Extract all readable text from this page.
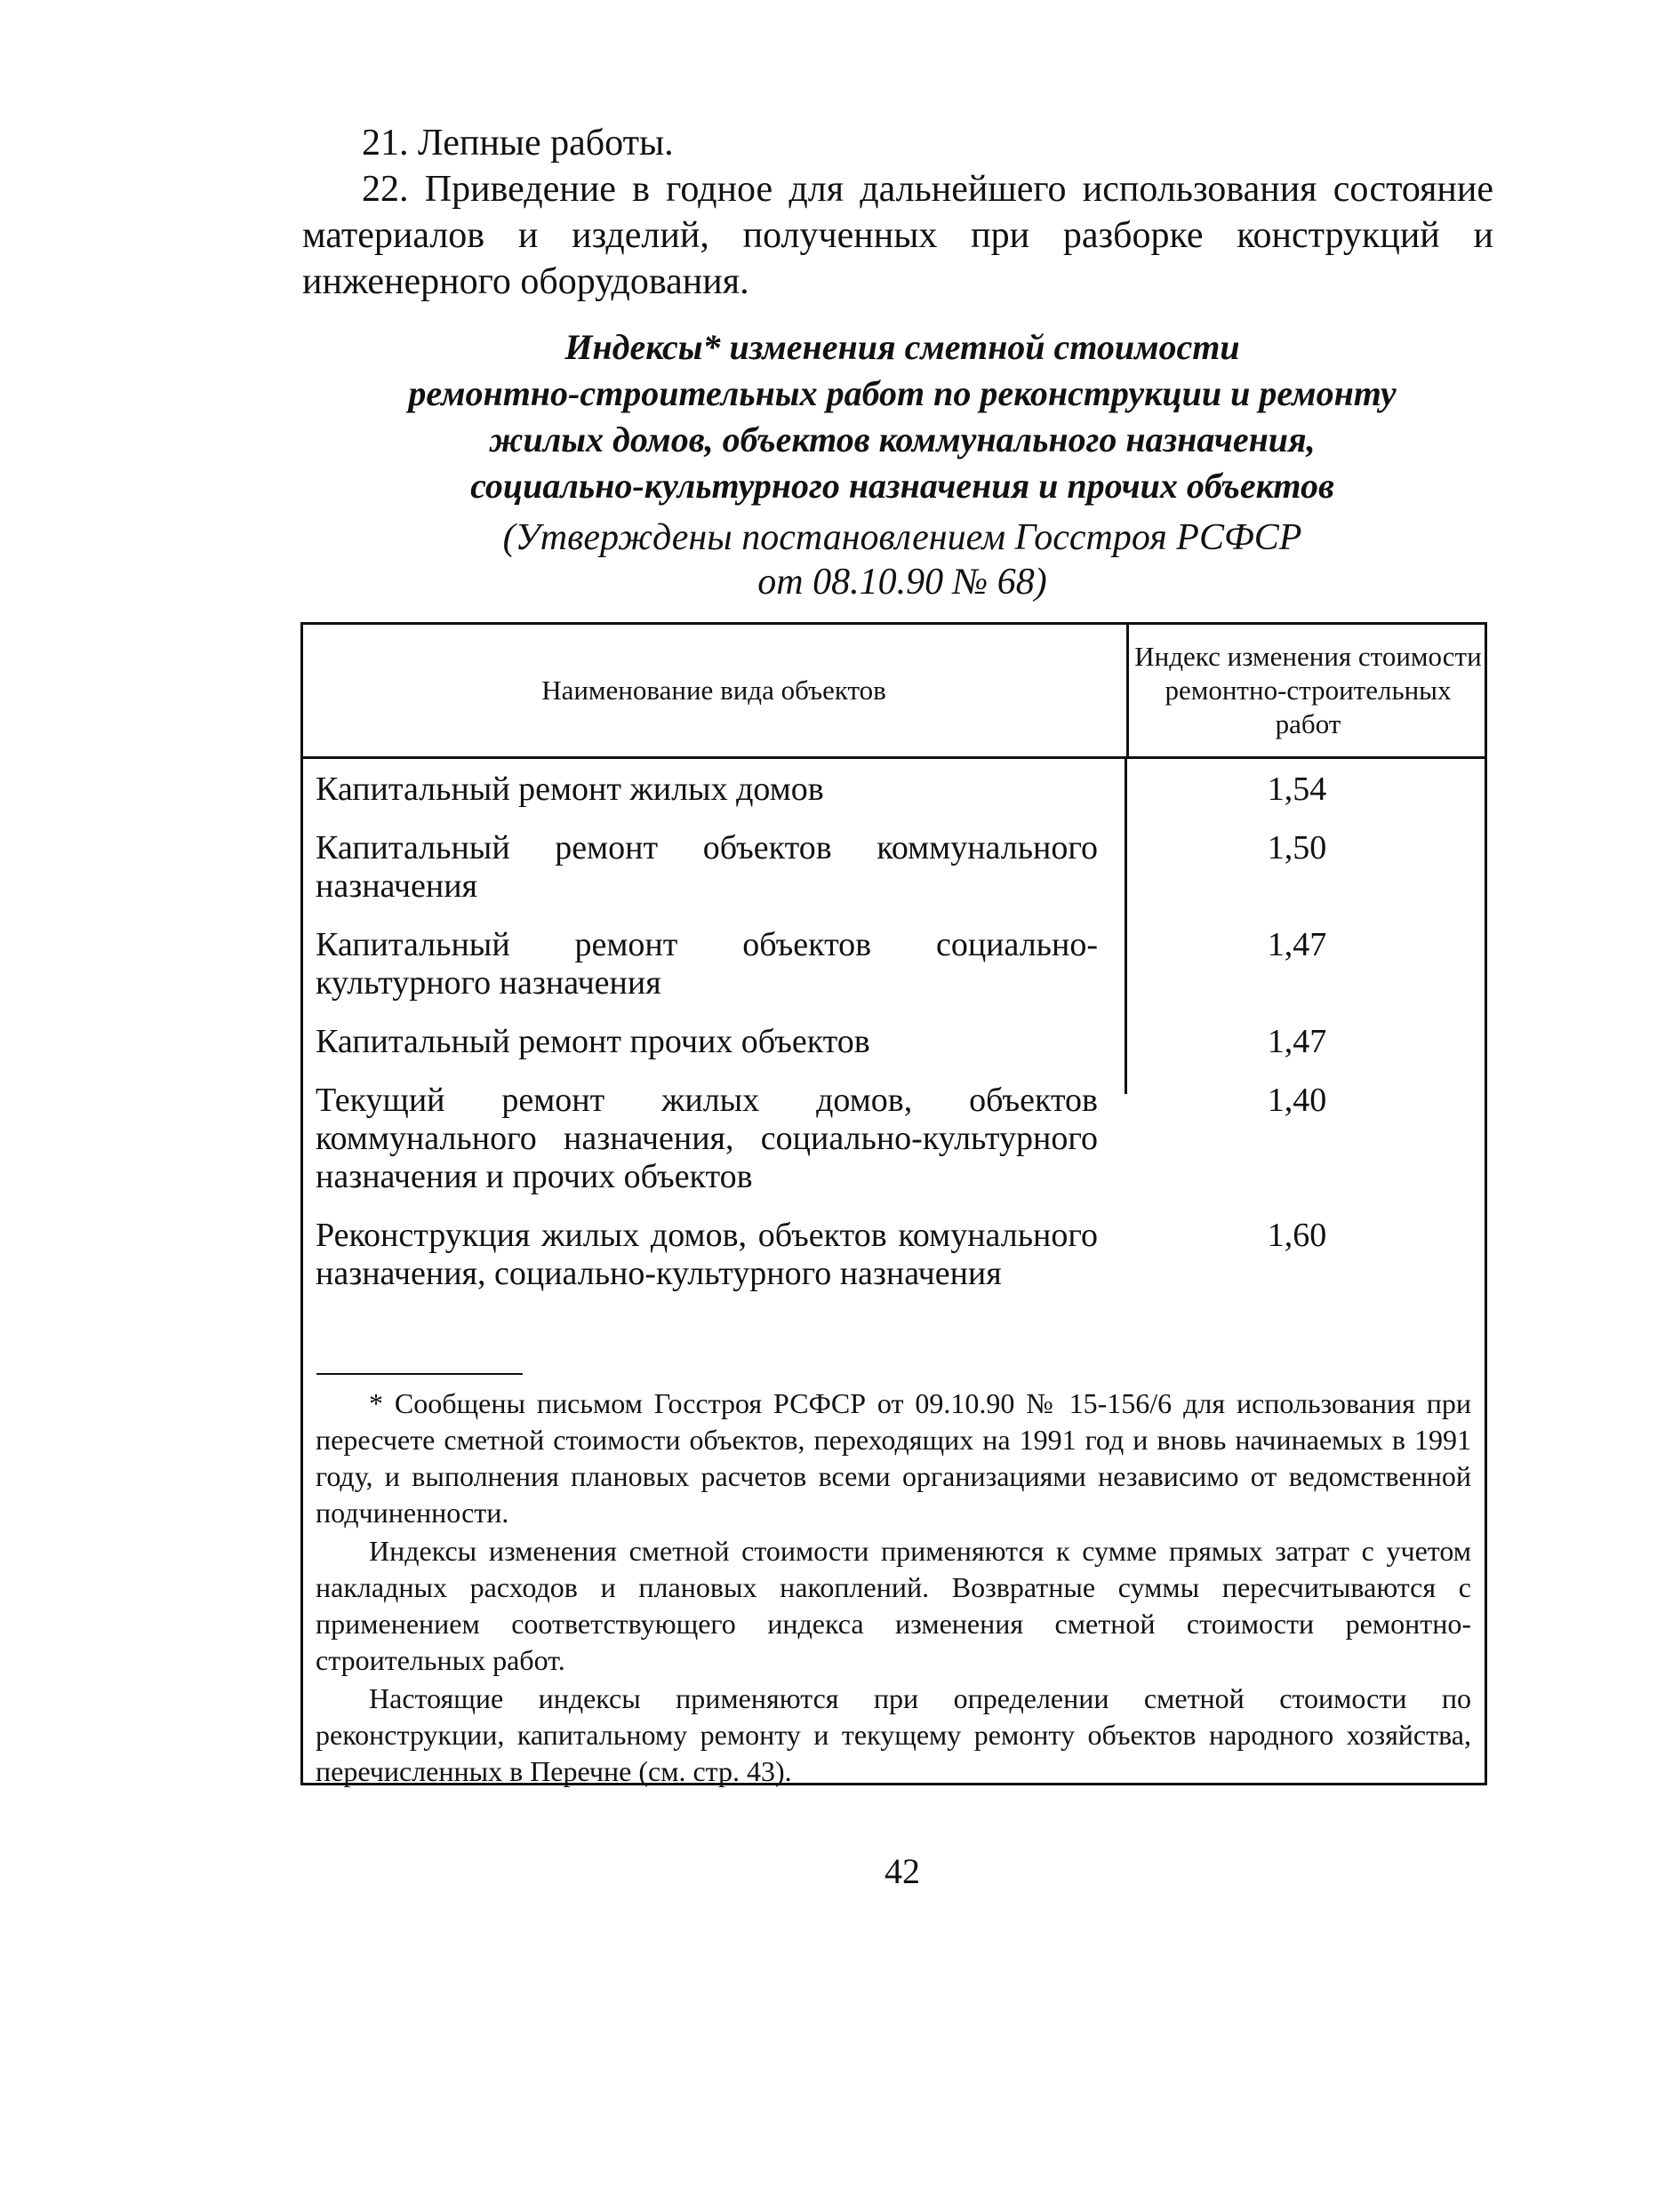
21. Лепные работы.

22. Приведение в годное для дальнейшего использования состояние материалов и изделий, полученных при разборке конструкций и инженерного оборудования.

Индексы* изменения сметной стоимости
ремонтно-строительных работ по реконструкции и ремонту
жилых домов, объектов коммунального назначения,
социально-культурного назначения и прочих объектов

(Утверждены постановлением Госстроя РСФСР
от 08.10.90 № 68)

Наименование вида объектов
Индекс изменения стоимости ремонтно-строительных работ
Капитальный ремонт жилых домов	1,54
Капитальный ремонт объектов коммунального назначения
1,50
Капитальный ремонт объектов социально-культурного назначения
1,47
Капитальный ремонт прочих объектов	1,47
Текущий ремонт жилых домов, объектов коммунального назначения, социально-культурного назначения и прочих объектов
1,40
Реконструкция жилых домов, объектов комунального назначения, социально-культурного назначения
1,60

* Сообщены письмом Госстроя РСФСР от 09.10.90 № 15-156/6 для использования при пересчете сметной стоимости объектов, переходящих на 1991 год и вновь начинаемых в 1991 году, и выполнения плановых расчетов всеми организациями независимо от ведомственной подчиненности.

Индексы изменения сметной стоимости применяются к сумме прямых затрат с учетом накладных расходов и плановых накоплений. Возвратные суммы пересчитываются с применением соответствующего индекса изменения сметной стоимости ремонтно-строительных работ.

Настоящие индексы применяются при определении сметной стоимости по реконструкции, капитальному ремонту и текущему ремонту объектов народного хозяйства, перечисленных в Перечне (см. стр. 43).

42
